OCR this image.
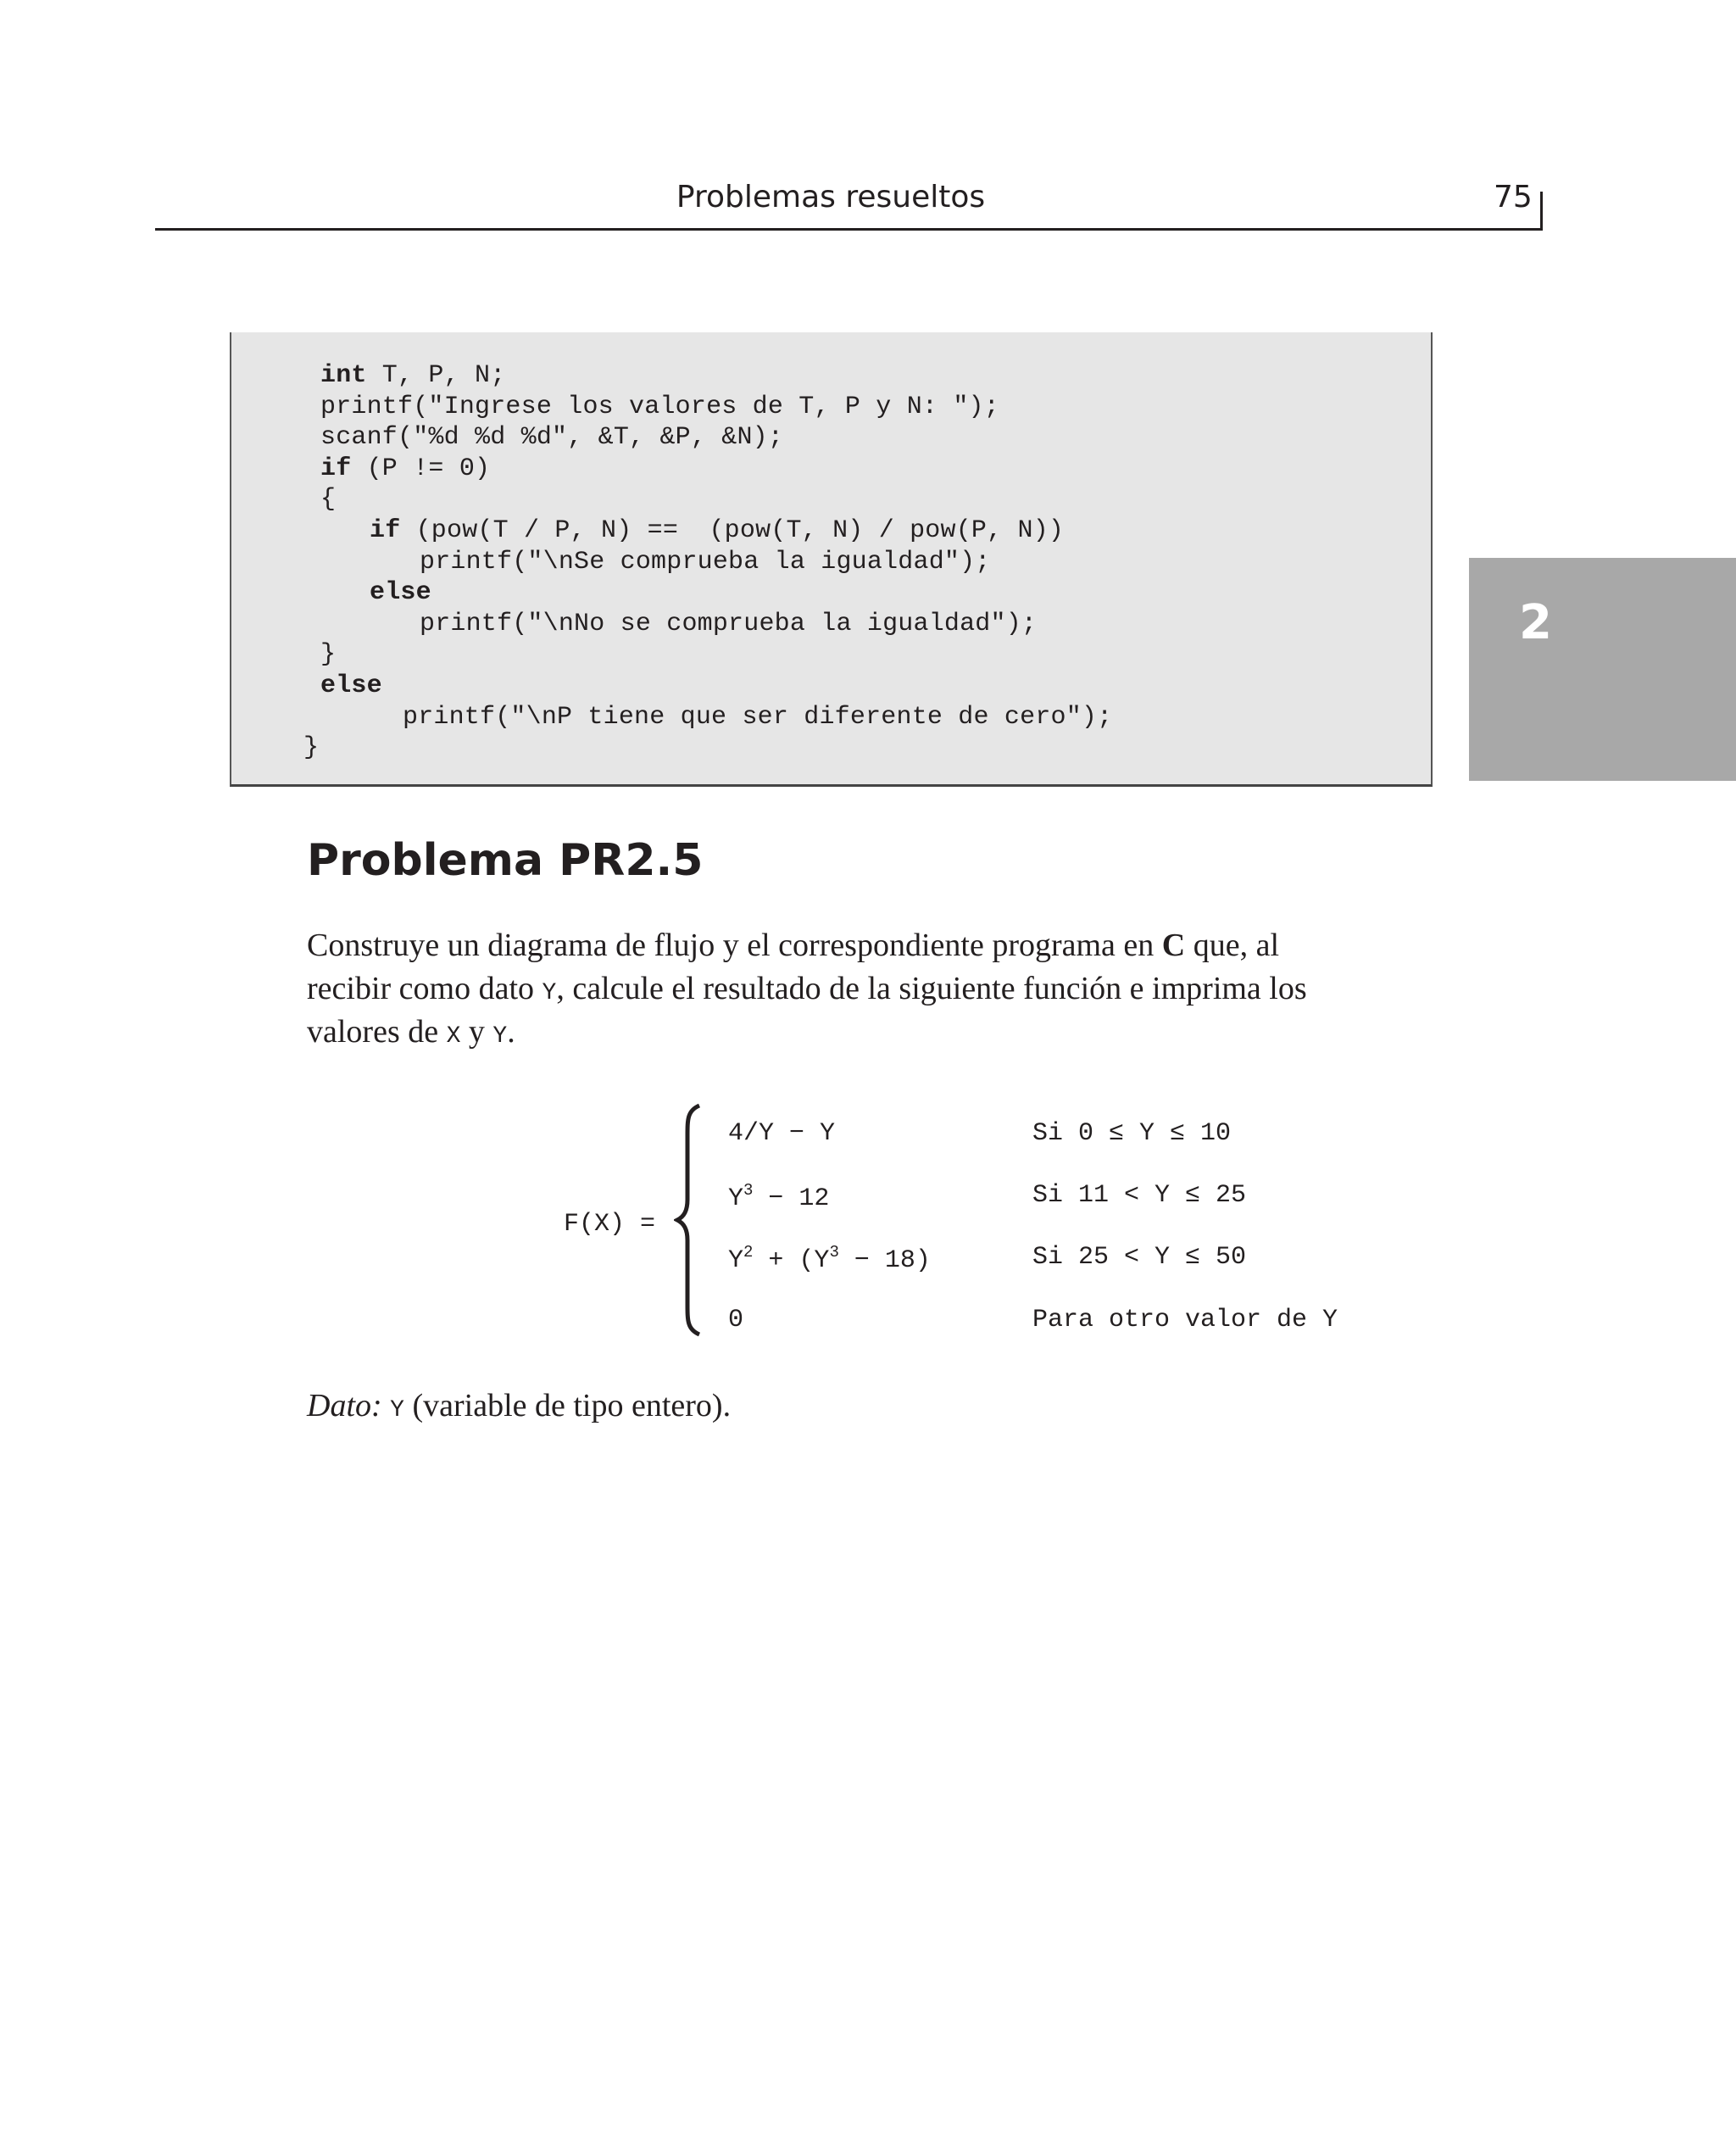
Problemas resueltos	75
2
int T, P, N;
printf("Ingrese los valores de T, P y N: ");
scanf("%d %d %d", &T, &P, &N);
if (P != 0)
{
if (pow(T / P, N) ==  (pow(T, N) / pow(P, N))
printf("\nSe comprueba la igualdad");
else
printf("\nNo se comprueba la igualdad");
}
else
printf("\nP tiene que ser diferente de cero");
}
Problema PR2.5
Construye un diagrama de flujo y el correspondiente programa en C que, al
recibir como dato Y, calcule el resultado de la siguiente función e imprima los
valores de X y Y.
F(X) =
4/Y − Y	Si 0 ≤ Y ≤ 10
$Y^3 - 12$	Si 11 < Y ≤ 25
$Y^2 + (Y^3 - 18)$	Si 25 < Y ≤ 50
0	Para otro valor de Y
Dato: Y (variable de tipo entero).
